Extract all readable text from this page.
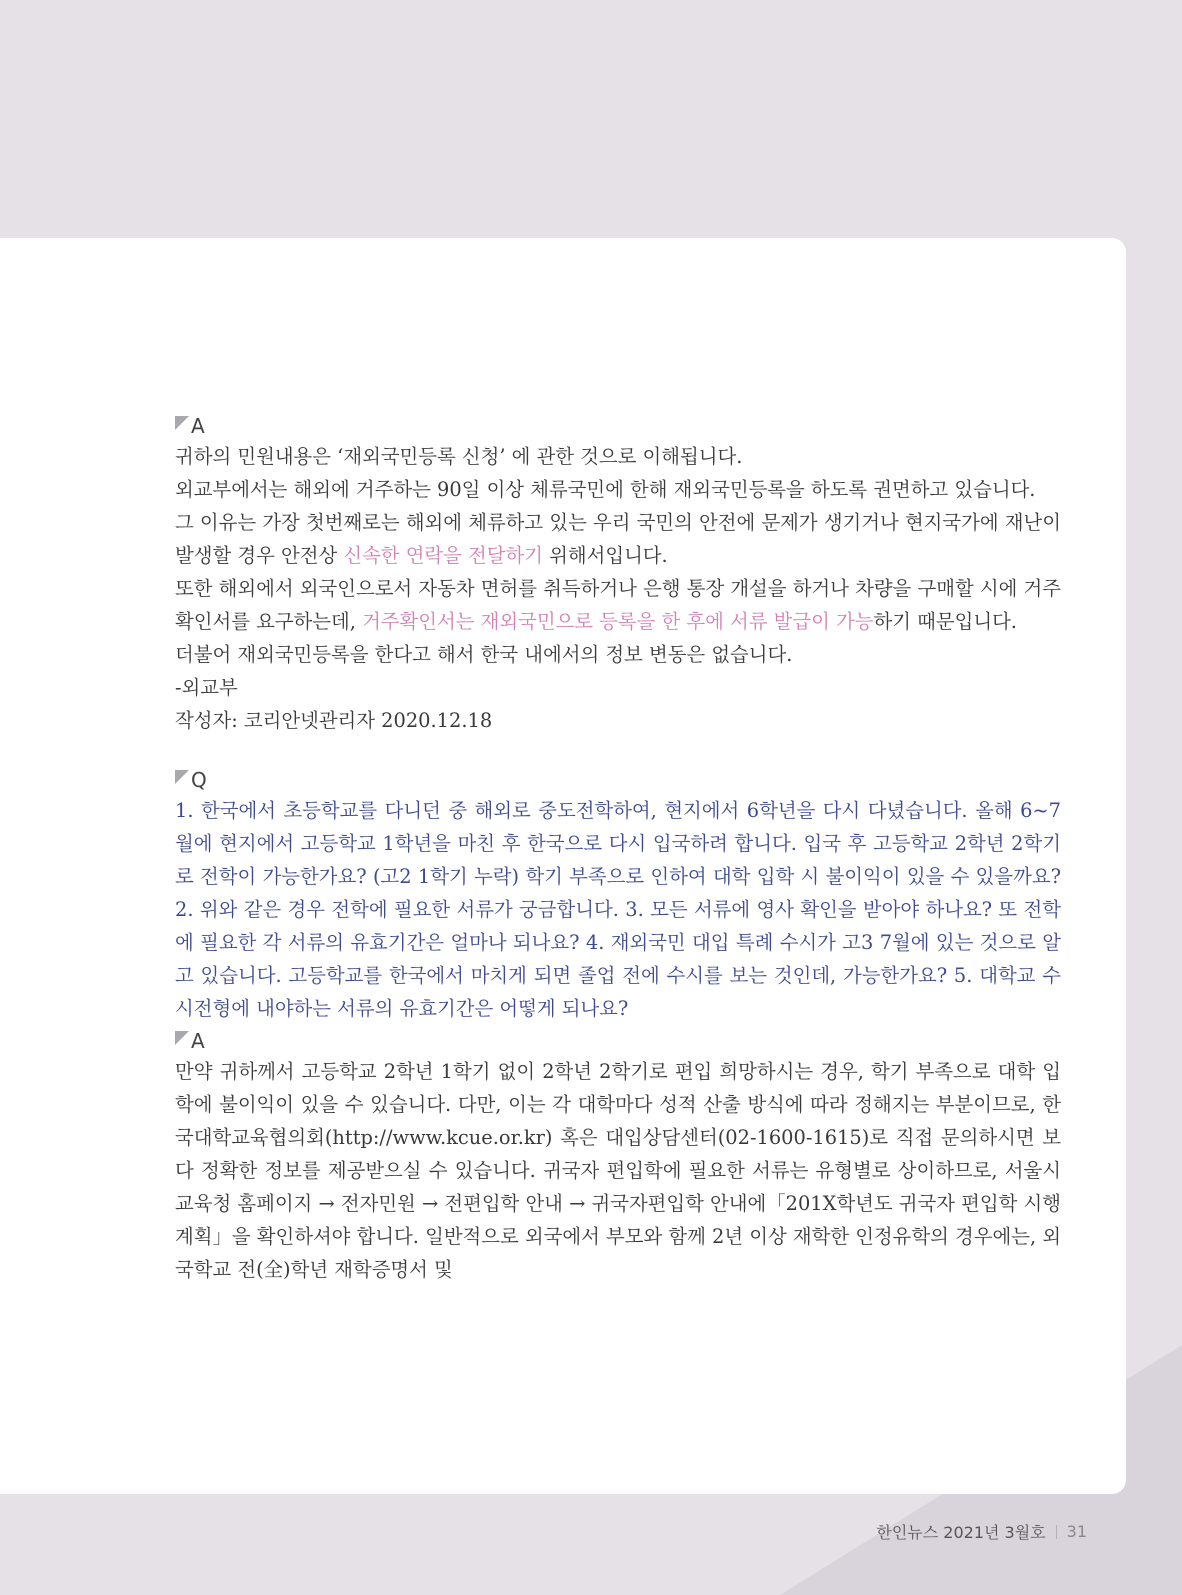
A

귀하의 민원내용은 ‘재외국민등록 신청’ 에 관한 것으로 이해됩니다.

외교부에서는 해외에 거주하는 90일 이상 체류국민에 한해 재외국민등록을 하도록 권면하고 있습니다.

그 이유는 가장 첫번째로는 해외에 체류하고 있는 우리 국민의 안전에 문제가 생기거나 현지국가에 재난이 발생할 경우 안전상 신속한 연락을 전달하기 위해서입니다.

또한 해외에서 외국인으로서 자동차 면허를 취득하거나 은행 통장 개설을 하거나 차량을 구매할 시에 거주확인서를 요구하는데, 거주확인서는 재외국민으로 등록을 한 후에 서류 발급이 가능하기 때문입니다.

더불어 재외국민등록을 한다고 해서 한국 내에서의 정보 변동은 없습니다.

-외교부

작성자: 코리안넷관리자 2020.12.18

Q

1. 한국에서 초등학교를 다니던 중 해외로 중도전학하여, 현지에서 6학년을 다시 다녔습니다. 올해 6~7월에 현지에서 고등학교 1학년을 마친 후 한국으로 다시 입국하려 합니다. 입국 후 고등학교 2학년 2학기로 전학이 가능한가요? (고2 1학기 누락) 학기 부족으로 인하여 대학 입학 시 불이익이 있을 수 있을까요? 2. 위와 같은 경우 전학에 필요한 서류가 궁금합니다. 3. 모든 서류에 영사 확인을 받아야 하나요? 또 전학에 필요한 각 서류의 유효기간은 얼마나 되나요? 4. 재외국민 대입 특례 수시가 고3 7월에 있는 것으로 알고 있습니다. 고등학교를 한국에서 마치게 되면 졸업 전에 수시를 보는 것인데, 가능한가요? 5. 대학교 수시전형에 내야하는 서류의 유효기간은 어떻게 되나요?

A

만약 귀하께서 고등학교 2학년 1학기 없이 2학년 2학기로 편입 희망하시는 경우, 학기 부족으로 대학 입학에 불이익이 있을 수 있습니다. 다만, 이는 각 대학마다 성적 산출 방식에 따라 정해지는 부분이므로, 한국대학교육협의회(http://www.kcue.or.kr) 혹은 대입상담센터(02-1600-1615)로 직접 문의하시면 보다 정확한 정보를 제공받으실 수 있습니다. 귀국자 편입학에 필요한 서류는 유형별로 상이하므로, 서울시교육청 홈페이지 → 전자민원 → 전편입학 안내 → 귀국자편입학 안내에「201X학년도 귀국자 편입학 시행계획」을 확인하셔야 합니다. 일반적으로 외국에서 부모와 함께 2년 이상 재학한 인정유학의 경우에는, 외국학교 전(全)학년 재학증명서 및

한인뉴스 2021년 3월호 31
